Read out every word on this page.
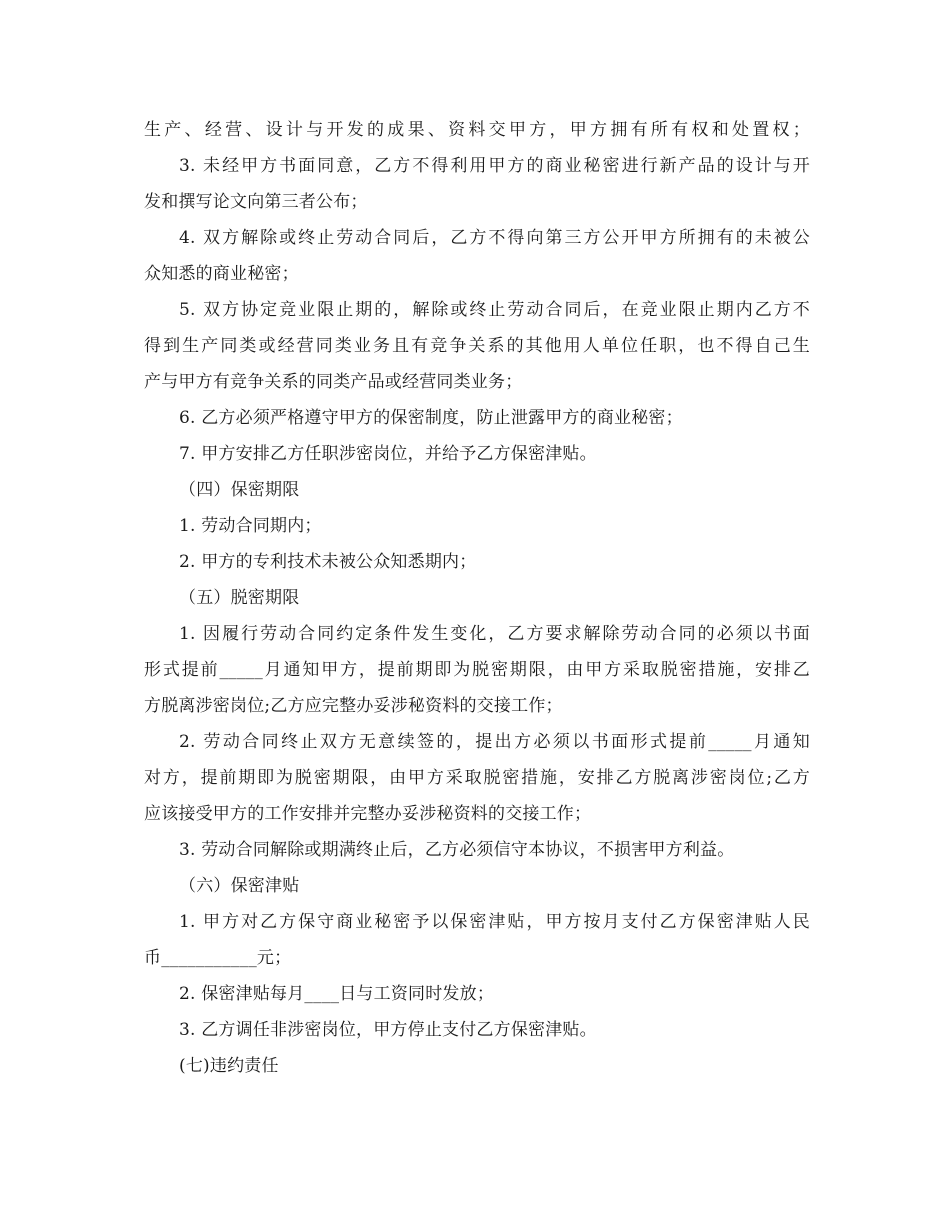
生产、经营、设计与开发的成果、资料交甲方，甲方拥有所有权和处置权；
3. 未经甲方书面同意，乙方不得利用甲方的商业秘密进行新产品的设计与开
发和撰写论文向第三者公布；
4. 双方解除或终止劳动合同后，乙方不得向第三方公开甲方所拥有的未被公
众知悉的商业秘密；
5. 双方协定竞业限止期的，解除或终止劳动合同后，在竞业限止期内乙方不
得到生产同类或经营同类业务且有竞争关系的其他用人单位任职，也不得自己生
产与甲方有竞争关系的同类产品或经营同类业务；
6. 乙方必须严格遵守甲方的保密制度，防止泄露甲方的商业秘密；
7. 甲方安排乙方任职涉密岗位，并给予乙方保密津贴。
（四）保密期限
1. 劳动合同期内；
2. 甲方的专利技术未被公众知悉期内；
（五）脱密期限
1. 因履行劳动合同约定条件发生变化，乙方要求解除劳动合同的必须以书面
形式提前_____月通知甲方，提前期即为脱密期限，由甲方采取脱密措施，安排乙
方脱离涉密岗位;乙方应完整办妥涉秘资料的交接工作；
2. 劳动合同终止双方无意续签的，提出方必须以书面形式提前_____月通知
对方，提前期即为脱密期限，由甲方采取脱密措施，安排乙方脱离涉密岗位;乙方
应该接受甲方的工作安排并完整办妥涉秘资料的交接工作；
3. 劳动合同解除或期满终止后，乙方必须信守本协议，不损害甲方利益。
（六）保密津贴
1. 甲方对乙方保守商业秘密予以保密津贴，甲方按月支付乙方保密津贴人民
币___________元；
2. 保密津贴每月____日与工资同时发放；
3. 乙方调任非涉密岗位，甲方停止支付乙方保密津贴。
(七)违约责任
